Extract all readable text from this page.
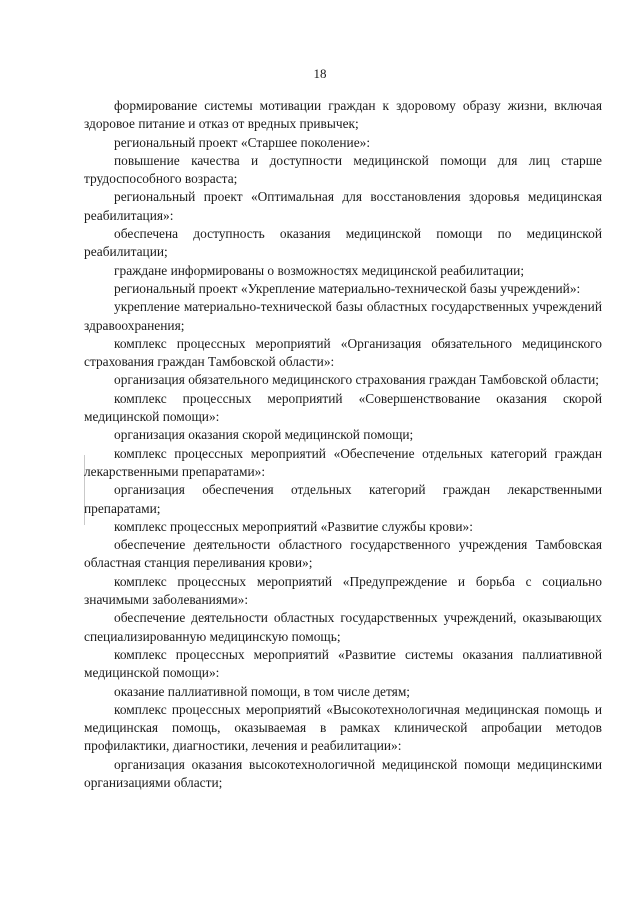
18

формирование системы мотивации граждан к здоровому образу жизни, включая здоровое питание и отказ от вредных привычек;

региональный проект «Старшее поколение»:

повышение качества и доступности медицинской помощи для лиц старше трудоспособного возраста;

региональный проект «Оптимальная для восстановления здоровья медицинская реабилитация»:

обеспечена доступность оказания медицинской помощи по медицинской реабилитации;

граждане информированы о возможностях медицинской реабилитации;

региональный проект «Укрепление материально-технической базы учреждений»:

укрепление материально-технической базы областных государственных учреждений здравоохранения;

комплекс процессных мероприятий «Организация обязательного медицинского страхования граждан Тамбовской области»:

организация обязательного медицинского страхования граждан Тамбовской области;

комплекс процессных мероприятий «Совершенствование оказания скорой медицинской помощи»:

организация оказания скорой медицинской помощи;

комплекс процессных мероприятий «Обеспечение отдельных категорий граждан лекарственными препаратами»:

организация обеспечения отдельных категорий граждан лекарственными препаратами;

комплекс процессных мероприятий «Развитие службы крови»:

обеспечение деятельности областного государственного учреждения Тамбовская областная станция переливания крови»;

комплекс процессных мероприятий «Предупреждение и борьба с социально значимыми заболеваниями»:

обеспечение деятельности областных государственных учреждений, оказывающих специализированную медицинскую помощь;

комплекс процессных мероприятий «Развитие системы оказания паллиативной медицинской помощи»:

оказание паллиативной помощи, в том числе детям;

комплекс процессных мероприятий «Высокотехнологичная медицинская помощь и медицинская помощь, оказываемая в рамках клинической апробации методов профилактики, диагностики, лечения и реабилитации»:

организация оказания высокотехнологичной медицинской помощи медицинскими организациями области;
